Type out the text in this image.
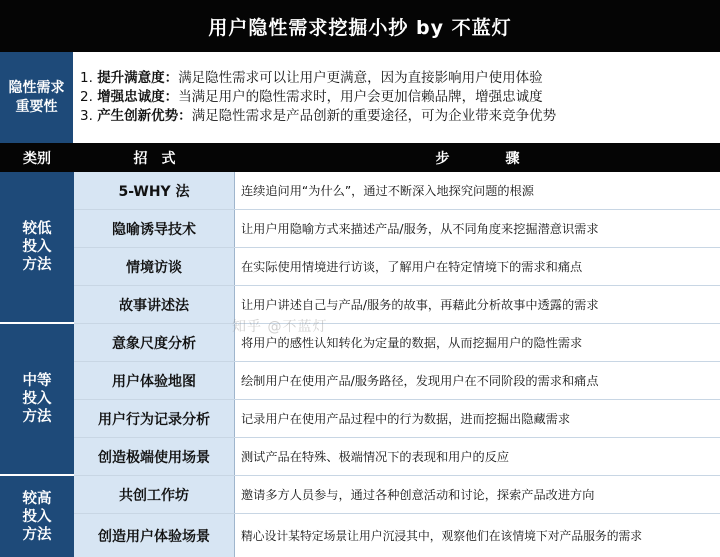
用户隐性需求挖掘小抄 by 不蓝灯
隐性需求
重要性
1. 提升满意度：满足隐性需求可以让用户更满意，因为直接影响用户使用体验
2. 增强忠诚度：当满足用户的隐性需求时，用户会更加信赖品牌，增强忠诚度
3. 产生创新优势：满足隐性需求是产品创新的重要途径，可为企业带来竞争优势
类别	招　式	步　　　　骤
较低
投入
方法
5-WHY 法	连续追问用“为什么”，通过不断深入地探究问题的根源
隐喻诱导技术	让用户用隐喻方式来描述产品/服务，从不同角度来挖掘潜意识需求
情境访谈	在实际使用情境进行访谈，了解用户在特定情境下的需求和痛点
故事讲述法	让用户讲述自己与产品/服务的故事，再藉此分析故事中透露的需求
中等
投入
方法
意象尺度分析	将用户的感性认知转化为定量的数据，从而挖掘用户的隐性需求
用户体验地图	绘制用户在使用产品/服务路径，发现用户在不同阶段的需求和痛点
用户行为记录分析	记录用户在使用产品过程中的行为数据，进而挖掘出隐藏需求
创造极端使用场景	测试产品在特殊、极端情况下的表现和用户的反应
较高
投入
方法
共创工作坊	邀请多方人员参与，通过各种创意活动和讨论，探索产品改进方向
创造用户体验场景	精心设计某特定场景让用户沉浸其中，观察他们在该情境下对产品服务的需求
知乎 @不蓝灯
